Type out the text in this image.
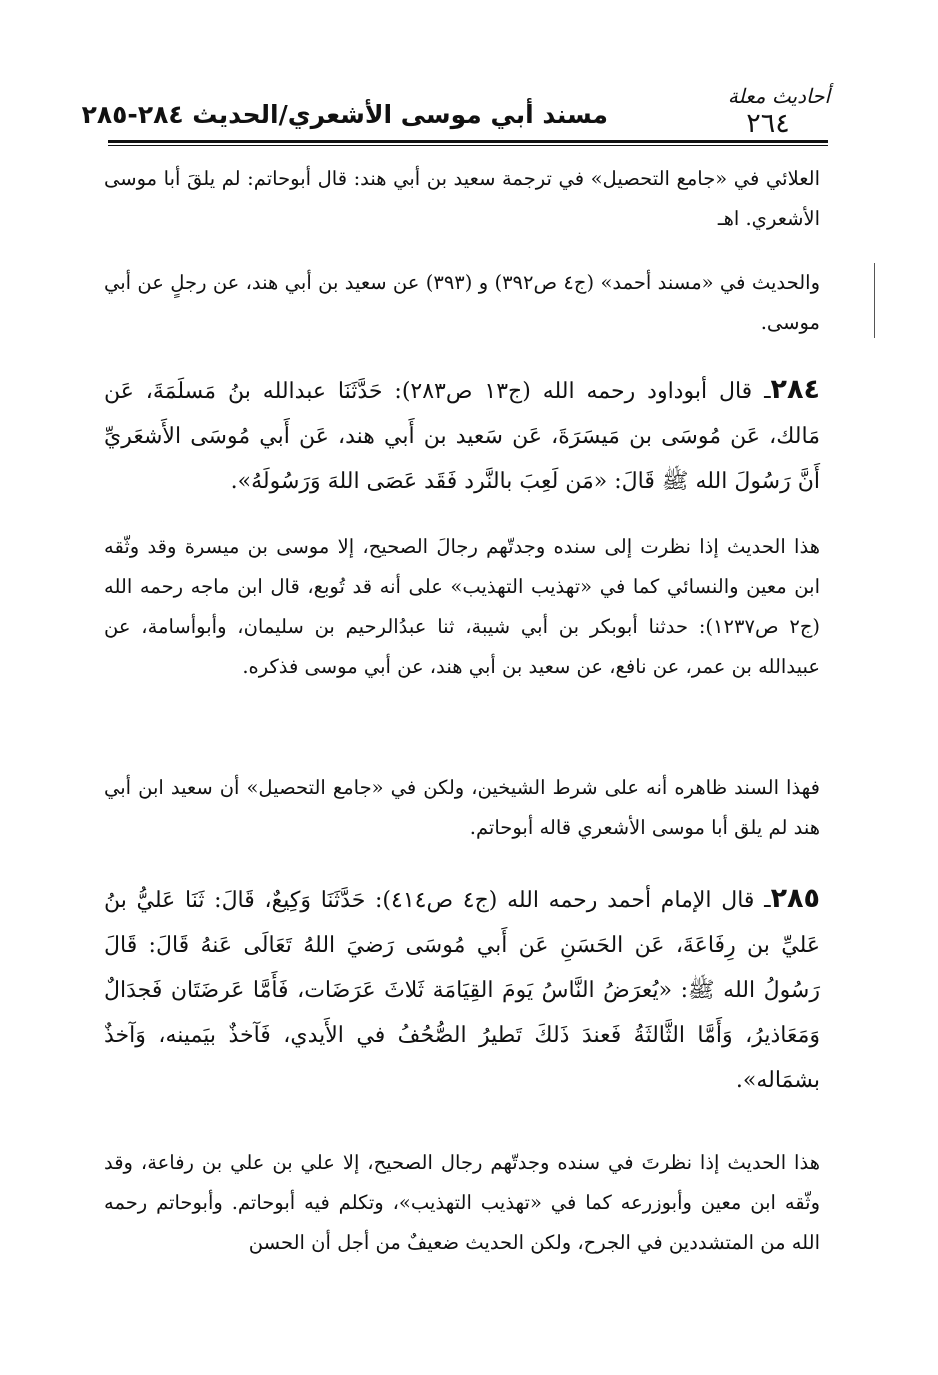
أحاديث معلة
٢٦٤
مسند أبي موسى الأشعري/الحديث ٢٨٤-٢٨٥

العلائي في «جامع التحصيل» في ترجمة سعيد بن أبي هند: قال أبوحاتم: لم يلقَ أبا موسى الأشعري. اهـ

والحديث في «مسند أحمد» (ج٤ ص٣٩٢) و (٣٩٣) عن سعيد بن أبي هند، عن رجلٍ عن أبي موسى.

٢٨٤ـ قال أبوداود رحمه الله (ج١٣ ص٢٨٣): حَدَّثَنَا عبدالله بنُ مَسلَمَةَ، عَن مَالك، عَن مُوسَى بن مَيسَرَةَ، عَن سَعيد بن أَبي هند، عَن أَبي مُوسَى الأَشعَريِّ أَنَّ رَسُولَ الله ﷺ قَالَ: «مَن لَعِبَ بالنَّرد فَقَد عَصَى اللهَ وَرَسُولَهُ».

هذا الحديث إذا نظرت إلى سنده وجدتّهم رجالَ الصحيح، إلا موسى بن ميسرة وقد وثّقه ابن معين والنسائي كما في «تهذيب التهذيب» على أنه قد تُوبع، قال ابن ماجه رحمه الله (ج٢ ص١٢٣٧): حدثنا أبوبكر بن أبي شيبة، ثنا عبدُالرحيم بن سليمان، وأبوأسامة، عن عبيدالله بن عمر، عن نافع، عن سعيد بن أبي هند، عن أبي موسى فذكره.

فهذا السند ظاهره أنه على شرط الشيخين، ولكن في «جامع التحصيل» أن سعيد ابن أبي هند لم يلق أبا موسى الأشعري قاله أبوحاتم.

٢٨٥ـ قال الإمام أحمد رحمه الله (ج٤ ص٤١٤): حَدَّثَنَا وَكِيعٌ، قَالَ: ثَنَا عَليُّ بنُ عَليِّ بن رِفَاعَةَ، عَن الحَسَنِ عَن أَبي مُوسَى رَضيَ اللهُ تَعَالَى عَنهُ قَالَ: قَالَ رَسُولُ الله ﷺ: «يُعرَضُ النَّاسُ يَومَ القِيَامَة ثَلاثَ عَرَضَات، فَأَمَّا عَرضَتَان فَجدَالٌ وَمَعَاذيرُ، وَأَمَّا الثَّالثَةُ فَعندَ ذَلكَ تَطيرُ الصُّحُفُ في الأَيدي، فَآخذٌ بيَمينه، وَآخذٌ بشمَاله».

هذا الحديث إذا نظرتَ في سنده وجدتّهم رجال الصحيح، إلا علي بن علي بن رفاعة، وقد وثّقه ابن معين وأبوزرعه كما في «تهذيب التهذيب»، وتكلم فيه أبوحاتم. وأبوحاتم رحمه الله من المتشددين في الجرح، ولكن الحديث ضعيفٌ من أجل أن الحسن
